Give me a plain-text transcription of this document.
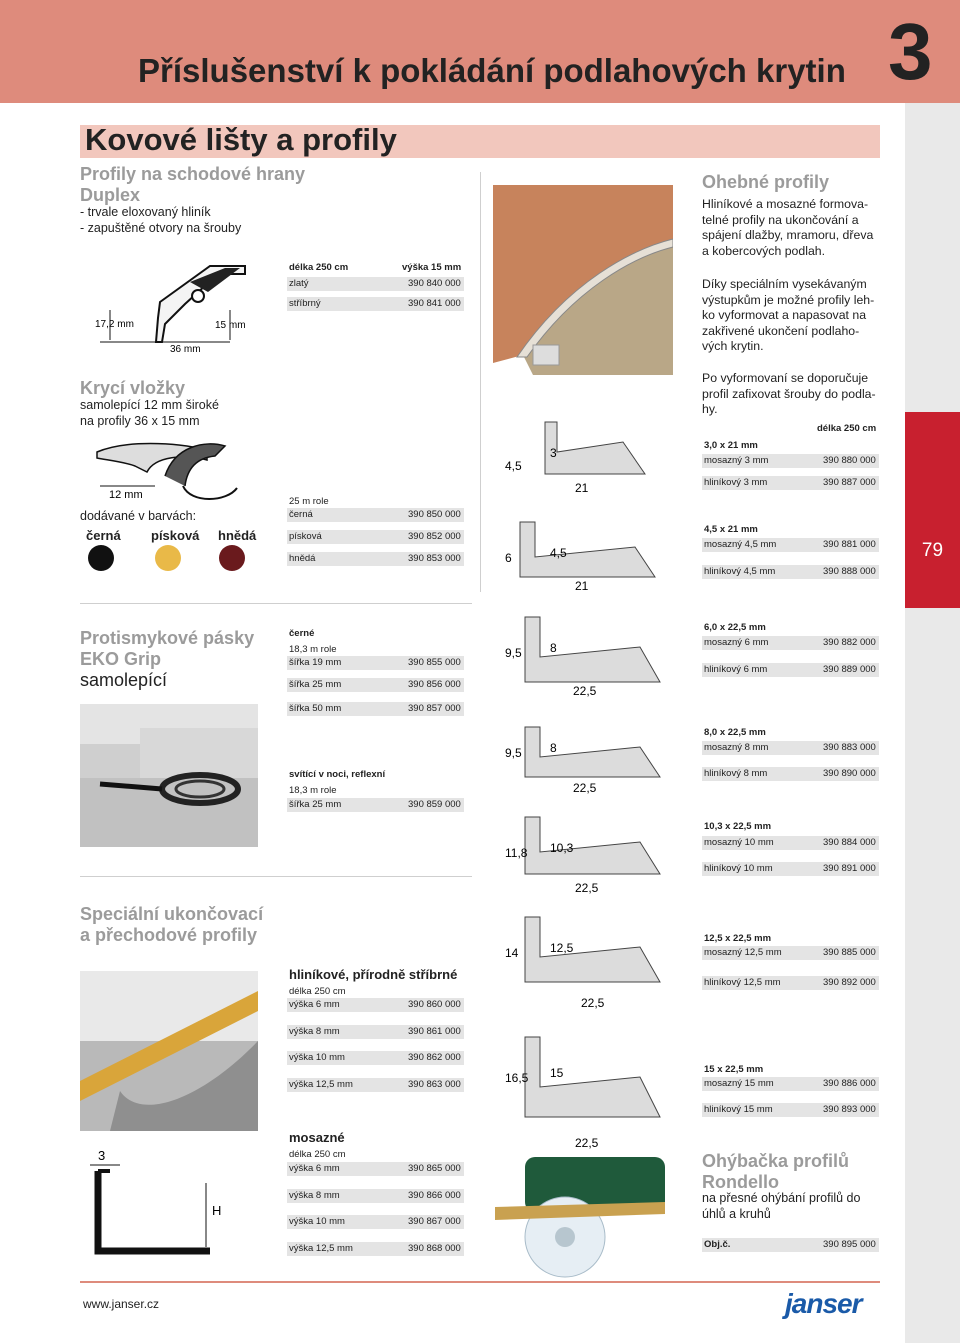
Příslušenství k pokládání podlahových krytin 3
79
Kovové lišty a profily
Profily na schodové hrany
Duplex
- trvale eloxovaný hliník
- zapuštěné otvory na šrouby
17,2 mm	15 mm
36 mm
délka 250 cm	výška 15 mm
zlatý	390 840 000
stříbrný	390 841 000
Krycí vložky
samolepící 12 mm široké
na profily 36 x 15 mm
12 mm
dodávané v barvách:
černá písková hnědá
25 m role
černá	390 850 000
písková	390 852 000
hnědá	390 853 000
Protismykové pásky
EKO Grip
samolepící
černé
18,3 m role
šířka 19 mm	390 855 000
šířka 25 mm	390 856 000
šířka 50 mm	390 857 000
svítící v noci, reflexní
18,3 m role
šířka 25 mm	390 859 000
Speciální ukončovací
a přechodové profily
hliníkové, přírodně stříbrné
délka 250 cm
výška 6 mm	390 860 000
výška 8 mm	390 861 000
výška 10 mm	390 862 000
výška 12,5 mm	390 863 000
mosazné
délka 250 cm
výška 6 mm	390 865 000
výška 8 mm	390 866 000
výška 10 mm	390 867 000
výška 12,5 mm	390 868 000
3
H
4,5
3
21
6	4,5
21
9,5 8
22,5
9,5 8
22,5
11,8 10,3
22,5
14	12,5
22,5
16,5 15
22,5
Ohebné profily
Hliníkové a mosazné formova-
telné profily na ukončování a
spájení dlažby, mramoru, dřeva
a kobercových podlah.
Díky speciálním vysekávaným
výstupkům je možné profily leh-
ko vyformovat a napasovat na
zakřivené ukončení podlaho-
vých krytin.
Po vyformovaní se doporučuje
profil zafixovat šrouby do podla-
hy.
délka 250 cm
3,0 x 21 mm
mosazný 3 mm	390 880 000
hliníkový 3 mm	390 887 000
4,5 x 21 mm
mosazný 4,5 mm	390 881 000
hliníkový 4,5 mm	390 888 000
6,0 x 22,5 mm
mosazný 6 mm	390 882 000
hliníkový 6 mm	390 889 000
8,0 x 22,5 mm
mosazný 8 mm	390 883 000
hliníkový 8 mm	390 890 000
10,3 x 22,5 mm
mosazný 10 mm	390 884 000
hliníkový 10 mm	390 891 000
12,5 x 22,5 mm
mosazný 12,5 mm	390 885 000
hliníkový 12,5 mm	390 892 000
15 x 22,5 mm
mosazný 15 mm	390 886 000
hliníkový 15 mm	390 893 000
Ohýbačka profilů
Rondello
na přesné ohýbání profilů do
úhlů a kruhů
Obj.č.	390 895 000
www.janser.cz	janser
